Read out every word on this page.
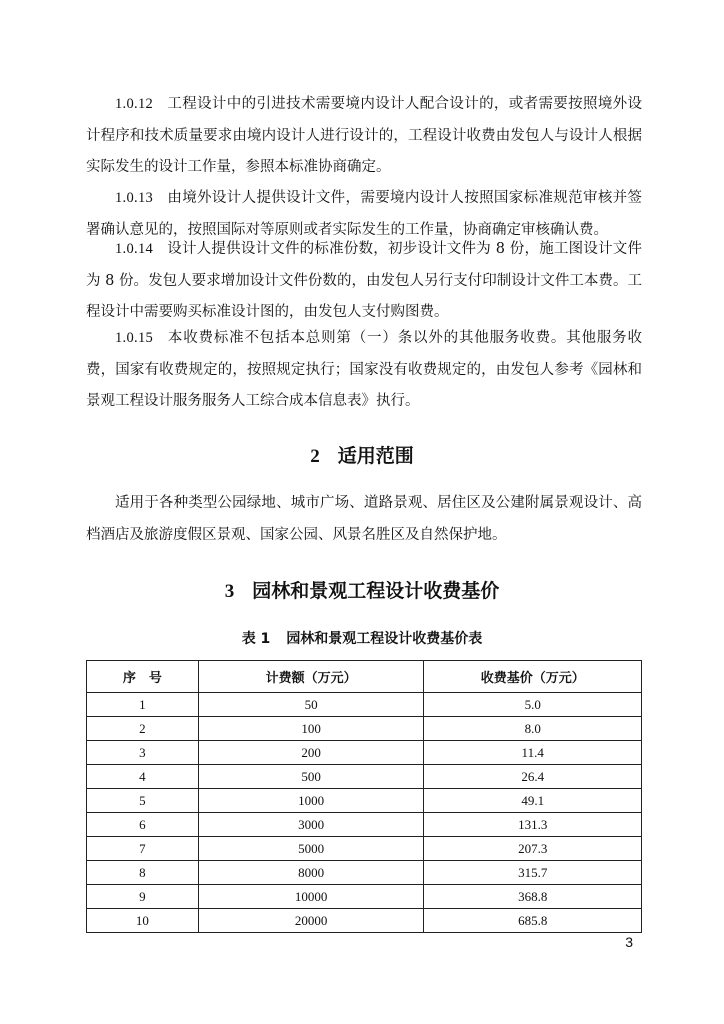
1.0.12 工程设计中的引进技术需要境内设计人配合设计的，或者需要按照境外设计程序和技术质量要求由境内设计人进行设计的，工程设计收费由发包人与设计人根据实际发生的设计工作量，参照本标准协商确定。
1.0.13 由境外设计人提供设计文件，需要境内设计人按照国家标准规范审核并签署确认意见的，按照国际对等原则或者实际发生的工作量，协商确定审核确认费。
1.0.14 设计人提供设计文件的标准份数，初步设计文件为 8 份，施工图设计文件为 8 份。发包人要求增加设计文件份数的，由发包人另行支付印制设计文件工本费。工程设计中需要购买标准设计图的，由发包人支付购图费。
1.0.15 本收费标准不包括本总则第（一）条以外的其他服务收费。其他服务收费，国家有收费规定的，按照规定执行；国家没有收费规定的，由发包人参考《园林和景观工程设计服务服务人工综合成本信息表》执行。
2 适用范围
适用于各种类型公园绿地、城市广场、道路景观、居住区及公建附属景观设计、高档酒店及旅游度假区景观、国家公园、风景名胜区及自然保护地。
3 园林和景观工程设计收费基价
表 1 园林和景观工程设计收费基价表
序　号	计费额（万元）	收费基价（万元）
1	50	5.0
2	100	8.0
3	200	11.4
4	500	26.4
5	1000	49.1
6	3000	131.3
7	5000	207.3
8	8000	315.7
9	10000	368.8
10	20000	685.8
3
